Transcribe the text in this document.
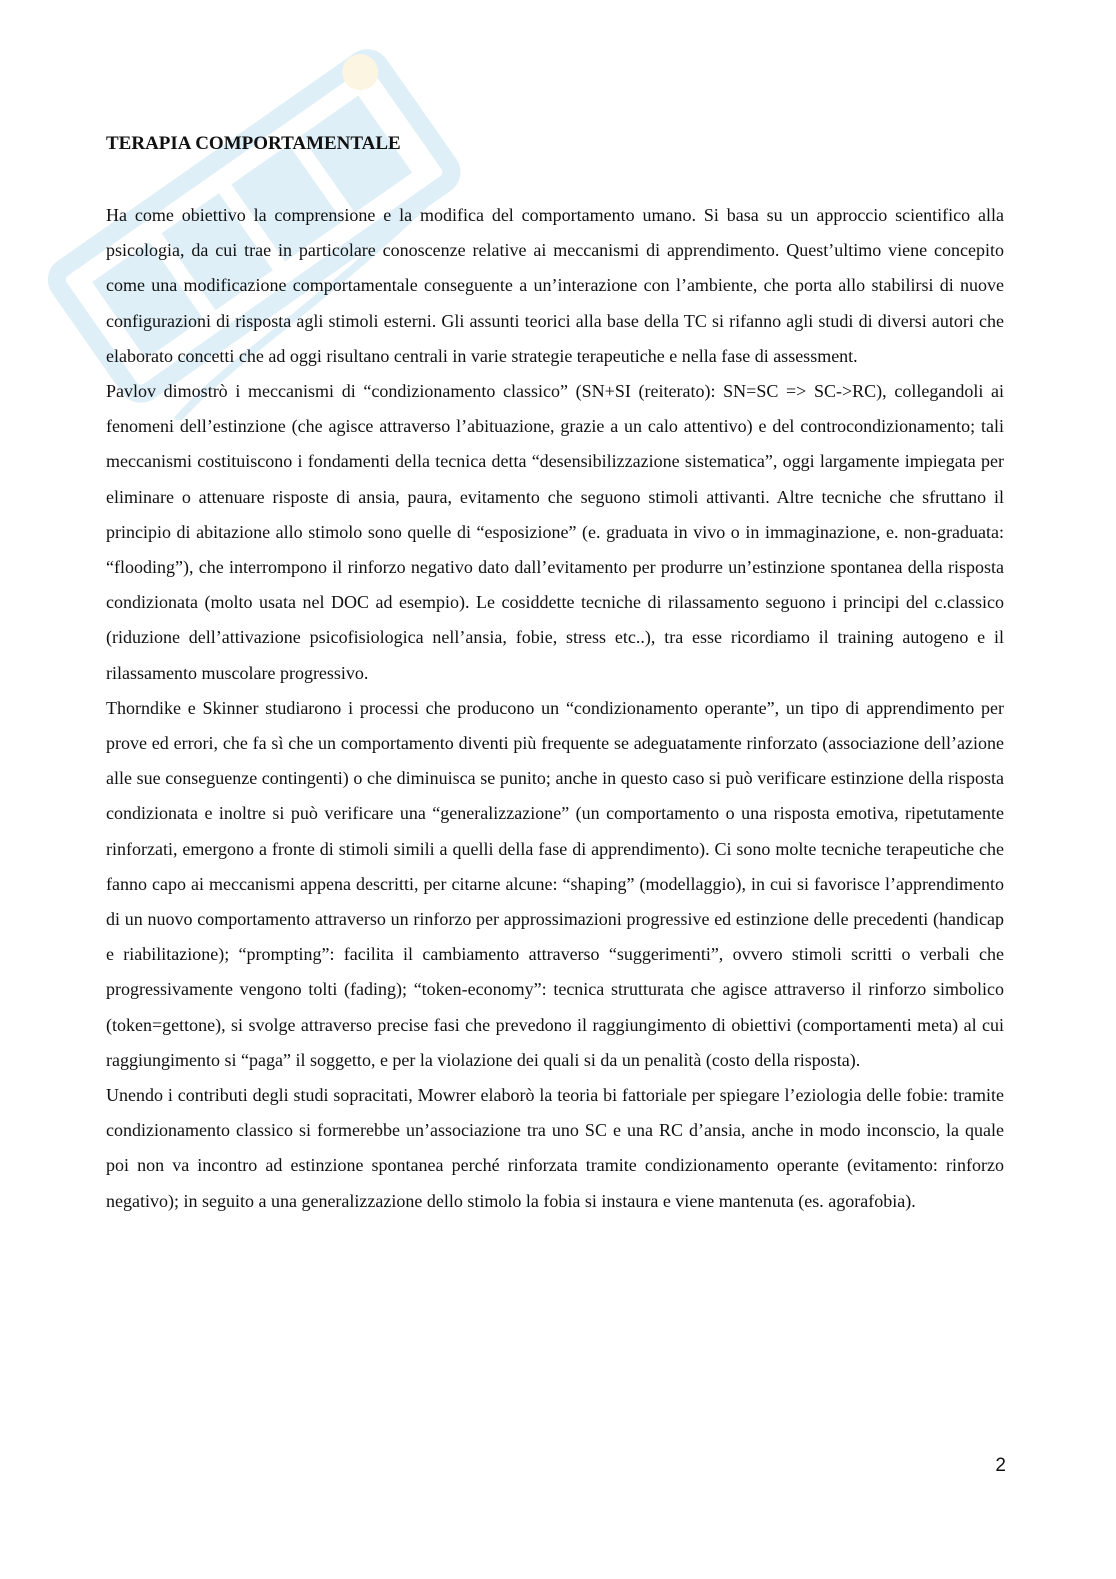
TERAPIA COMPORTAMENTALE

Ha come obiettivo la comprensione e la modifica del comportamento umano. Si basa su un approccio scientifico alla psicologia, da cui trae in particolare conoscenze relative ai meccanismi di apprendimento. Quest’ultimo viene concepito come una modificazione comportamentale conseguente a un’interazione con l’ambiente, che porta allo stabilirsi di nuove configurazioni di risposta agli stimoli esterni. Gli assunti teorici alla base della TC si rifanno agli studi di diversi autori che elaborato concetti che ad oggi risultano centrali in varie strategie terapeutiche e nella fase di assessment.

Pavlov dimostrò i meccanismi di “condizionamento classico” (SN+SI (reiterato): SN=SC => SC->RC), collegandoli ai fenomeni dell’estinzione (che agisce attraverso l’abituazione, grazie a un calo attentivo) e del controcondizionamento; tali meccanismi costituiscono i fondamenti della tecnica detta “desensibilizzazione sistematica”, oggi largamente impiegata per eliminare o attenuare risposte di ansia, paura, evitamento che seguono stimoli attivanti. Altre tecniche che sfruttano il principio di abitazione allo stimolo sono quelle di “esposizione” (e. graduata in vivo o in immaginazione, e. non-graduata: “flooding”), che interrompono il rinforzo negativo dato dall’evitamento per produrre un’estinzione spontanea della risposta condizionata (molto usata nel DOC ad esempio). Le cosiddette tecniche di rilassamento seguono i principi del c.classico (riduzione dell’attivazione psicofisiologica nell’ansia, fobie, stress etc..), tra esse ricordiamo il training autogeno e il rilassamento muscolare progressivo.

Thorndike e Skinner studiarono i processi che producono un “condizionamento operante”, un tipo di apprendimento per prove ed errori, che fa sì che un comportamento diventi più frequente se adeguatamente rinforzato (associazione dell’azione alle sue conseguenze contingenti) o che diminuisca se punito; anche in questo caso si può verificare estinzione della risposta condizionata e inoltre si può verificare una “generalizzazione” (un comportamento o una risposta emotiva, ripetutamente rinforzati, emergono a fronte di stimoli simili a quelli della fase di apprendimento). Ci sono molte tecniche terapeutiche che fanno capo ai meccanismi appena descritti, per citarne alcune: “shaping” (modellaggio), in cui si favorisce l’apprendimento di un nuovo comportamento attraverso un rinforzo per approssimazioni progressive ed estinzione delle precedenti (handicap e riabilitazione); “prompting”: facilita il cambiamento attraverso “suggerimenti”, ovvero stimoli scritti o verbali che progressivamente vengono tolti (fading); “token-economy”: tecnica strutturata che agisce attraverso il rinforzo simbolico (token=gettone), si svolge attraverso precise fasi che prevedono il raggiungimento di obiettivi (comportamenti meta) al cui raggiungimento si “paga” il soggetto, e per la violazione dei quali si da un penalità (costo della risposta).

Unendo i contributi degli studi sopracitati, Mowrer elaborò la teoria bi fattoriale per spiegare l’eziologia delle fobie: tramite condizionamento classico si formerebbe un’associazione tra uno SC e una RC d’ansia, anche in modo inconscio, la quale poi non va incontro ad estinzione spontanea perché rinforzata tramite condizionamento operante (evitamento: rinforzo negativo); in seguito a una generalizzazione dello stimolo la fobia si instaura e viene mantenuta (es. agorafobia).

2
